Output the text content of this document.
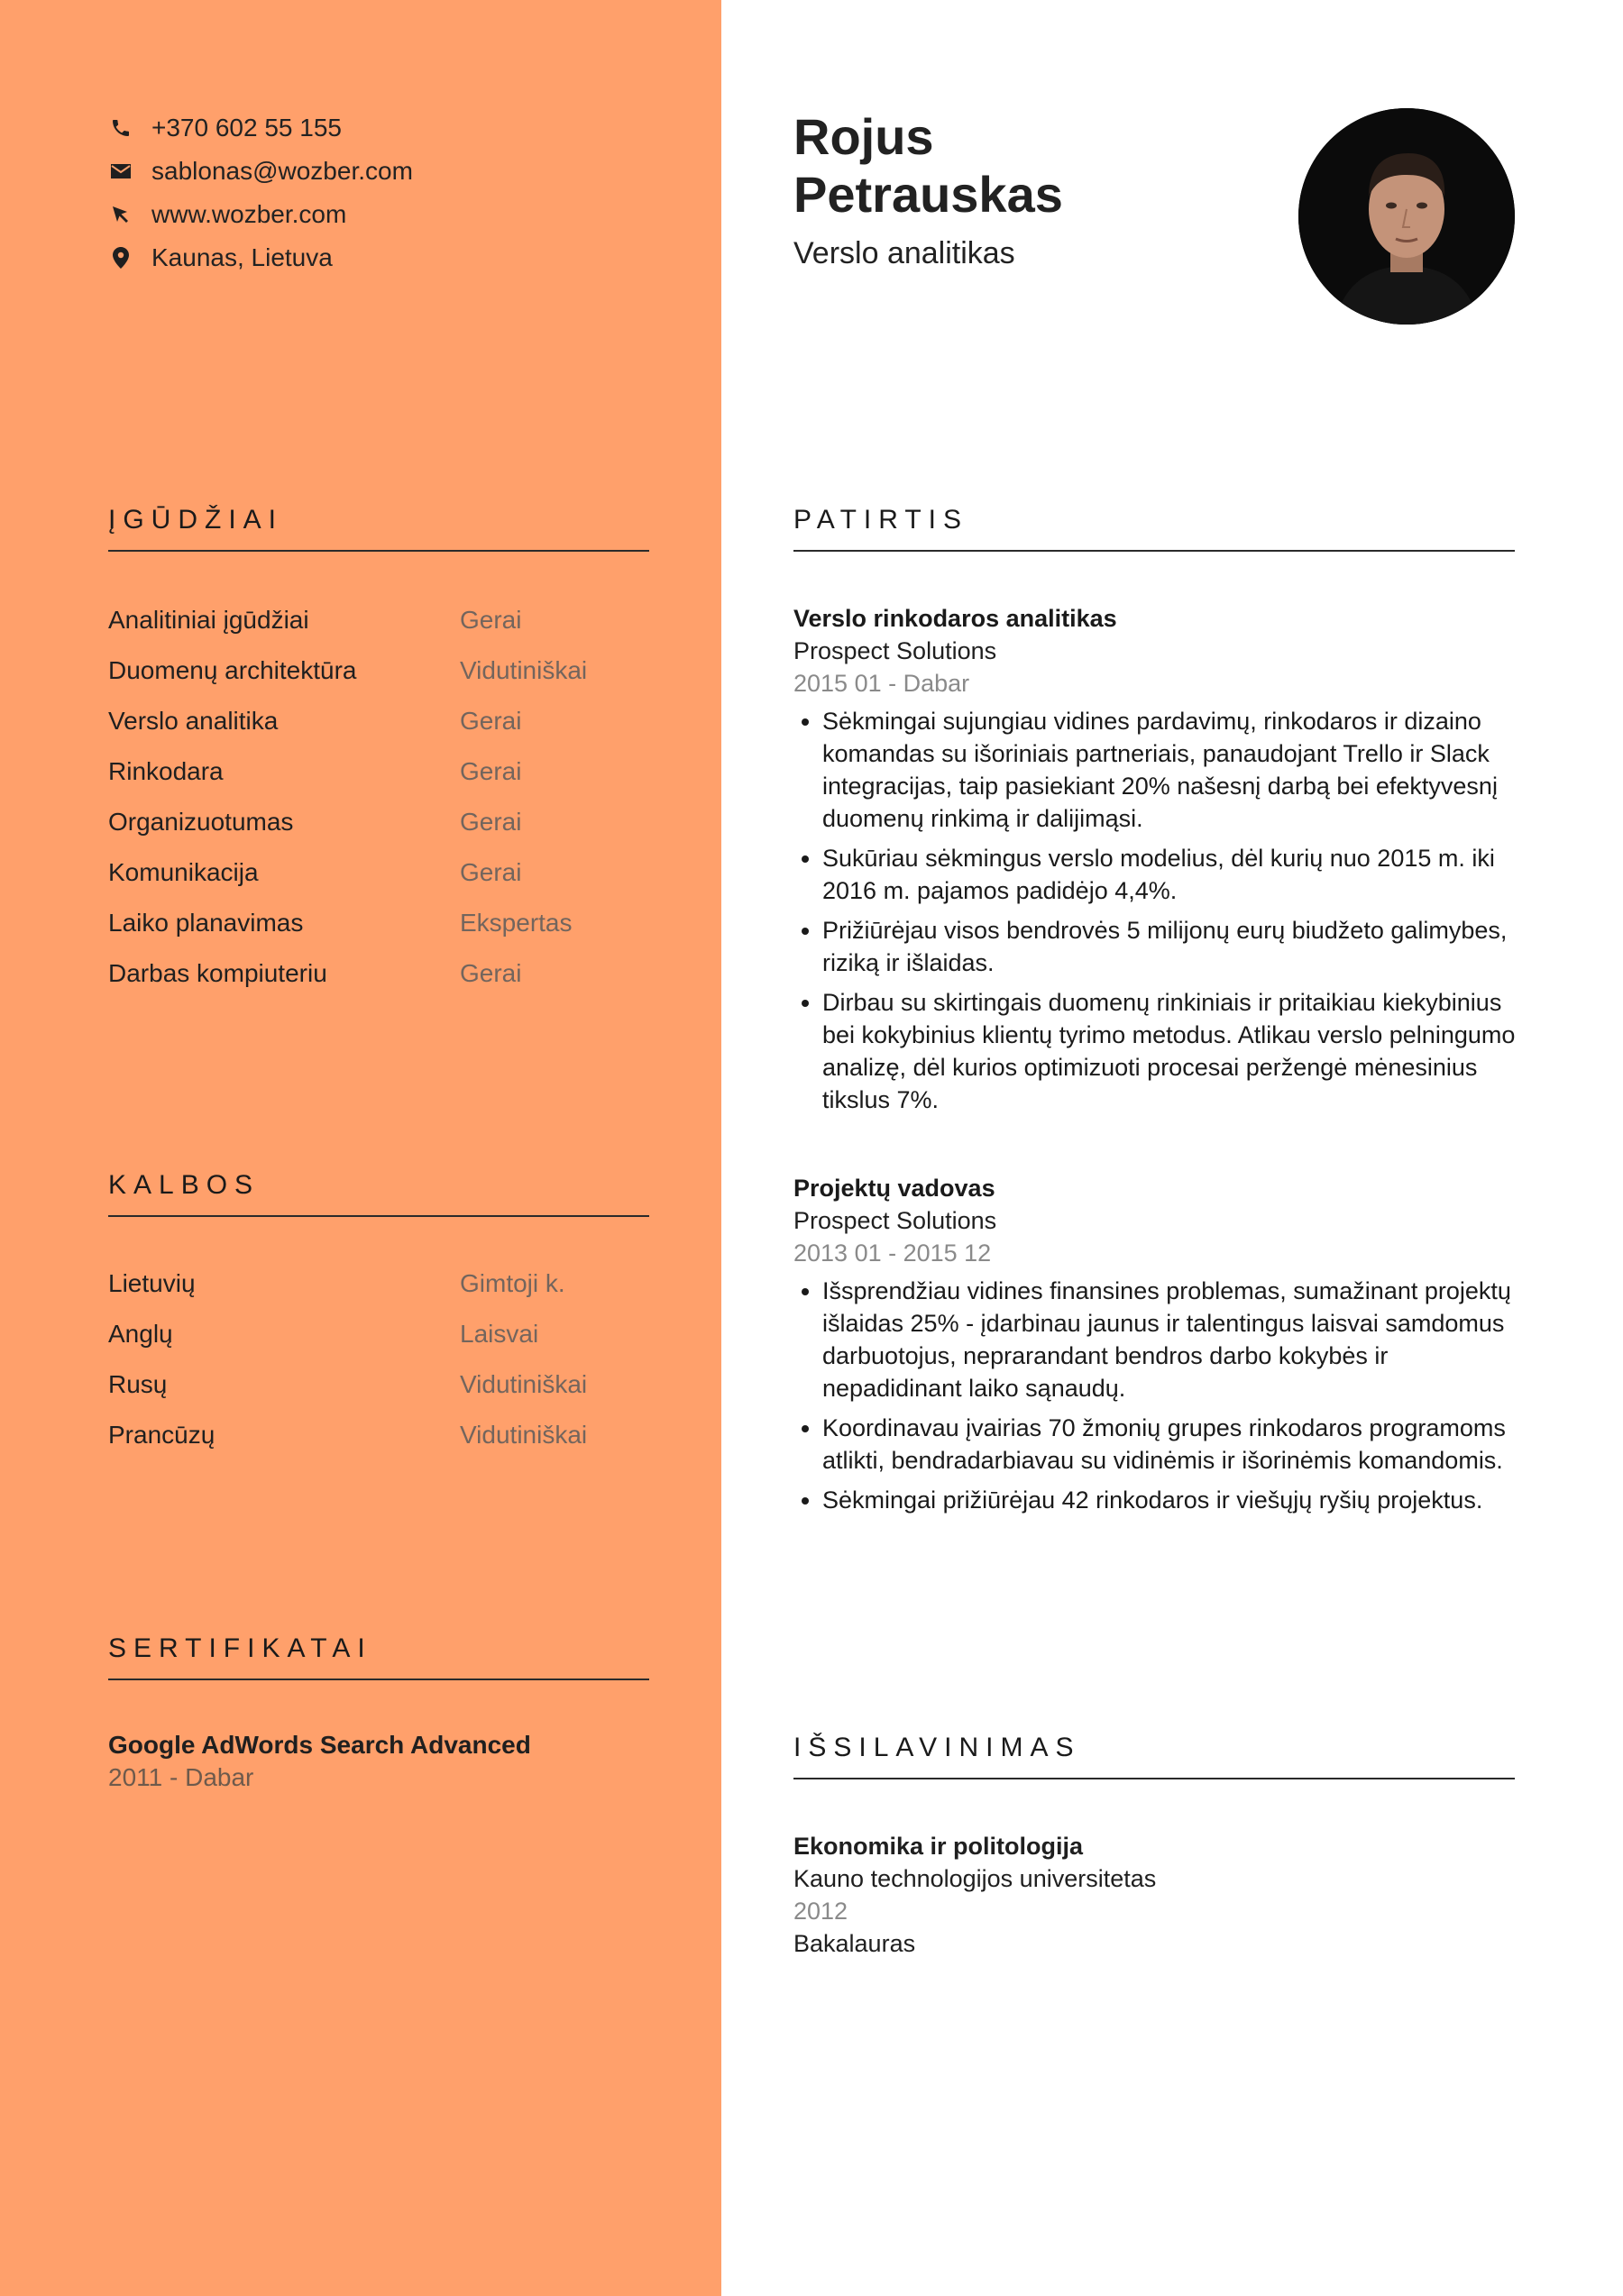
+370 602 55 155
sablonas@wozber.com
www.wozber.com
Kaunas, Lietuva
ĮGŪDŽIAI
Analitiniai įgūdžiai	Gerai
Duomenų architektūra	Vidutiniškai
Verslo analitika	Gerai
Rinkodara	Gerai
Organizuotumas	Gerai
Komunikacija	Gerai
Laiko planavimas	Ekspertas
Darbas kompiuteriu	Gerai
KALBOS
Lietuvių	Gimtoji k.
Anglų	Laisvai
Rusų	Vidutiniškai
Prancūzų	Vidutiniškai
SERTIFIKATAI
Google AdWords Search Advanced
2011 - Dabar
Rojus
Petrauskas
Verslo analitikas
PATIRTIS
Verslo rinkodaros analitikas
Prospect Solutions
2015 01 - Dabar
• Sėkmingai sujungiau vidines pardavimų, rinkodaros ir dizaino komandas su išoriniais partneriais, panaudojant Trello ir Slack integracijas, taip pasiekiant 20% našesnį darbą bei efektyvesnį duomenų rinkimą ir dalijimąsi.
• Sukūriau sėkmingus verslo modelius, dėl kurių nuo 2015 m. iki 2016 m. pajamos padidėjo 4,4%.
• Prižiūrėjau visos bendrovės 5 milijonų eurų biudžeto galimybes, riziką ir išlaidas.
• Dirbau su skirtingais duomenų rinkiniais ir pritaikiau kiekybinius bei kokybinius klientų tyrimo metodus. Atlikau verslo pelningumo analizę, dėl kurios optimizuoti procesai peržengė mėnesinius tikslus 7%.
Projektų vadovas
Prospect Solutions
2013 01 - 2015 12
• Išsprendžiau vidines finansines problemas, sumažinant projektų išlaidas 25% - įdarbinau jaunus ir talentingus laisvai samdomus darbuotojus, neprarandant bendros darbo kokybės ir nepadidinant laiko sąnaudų.
• Koordinavau įvairias 70 žmonių grupes rinkodaros programoms atlikti, bendradarbiavau su vidinėmis ir išorinėmis komandomis.
• Sėkmingai prižiūrėjau 42 rinkodaros ir viešųjų ryšių projektus.
IŠSILAVINIMAS
Ekonomika ir politologija
Kauno technologijos universitetas
2012
Bakalauras
